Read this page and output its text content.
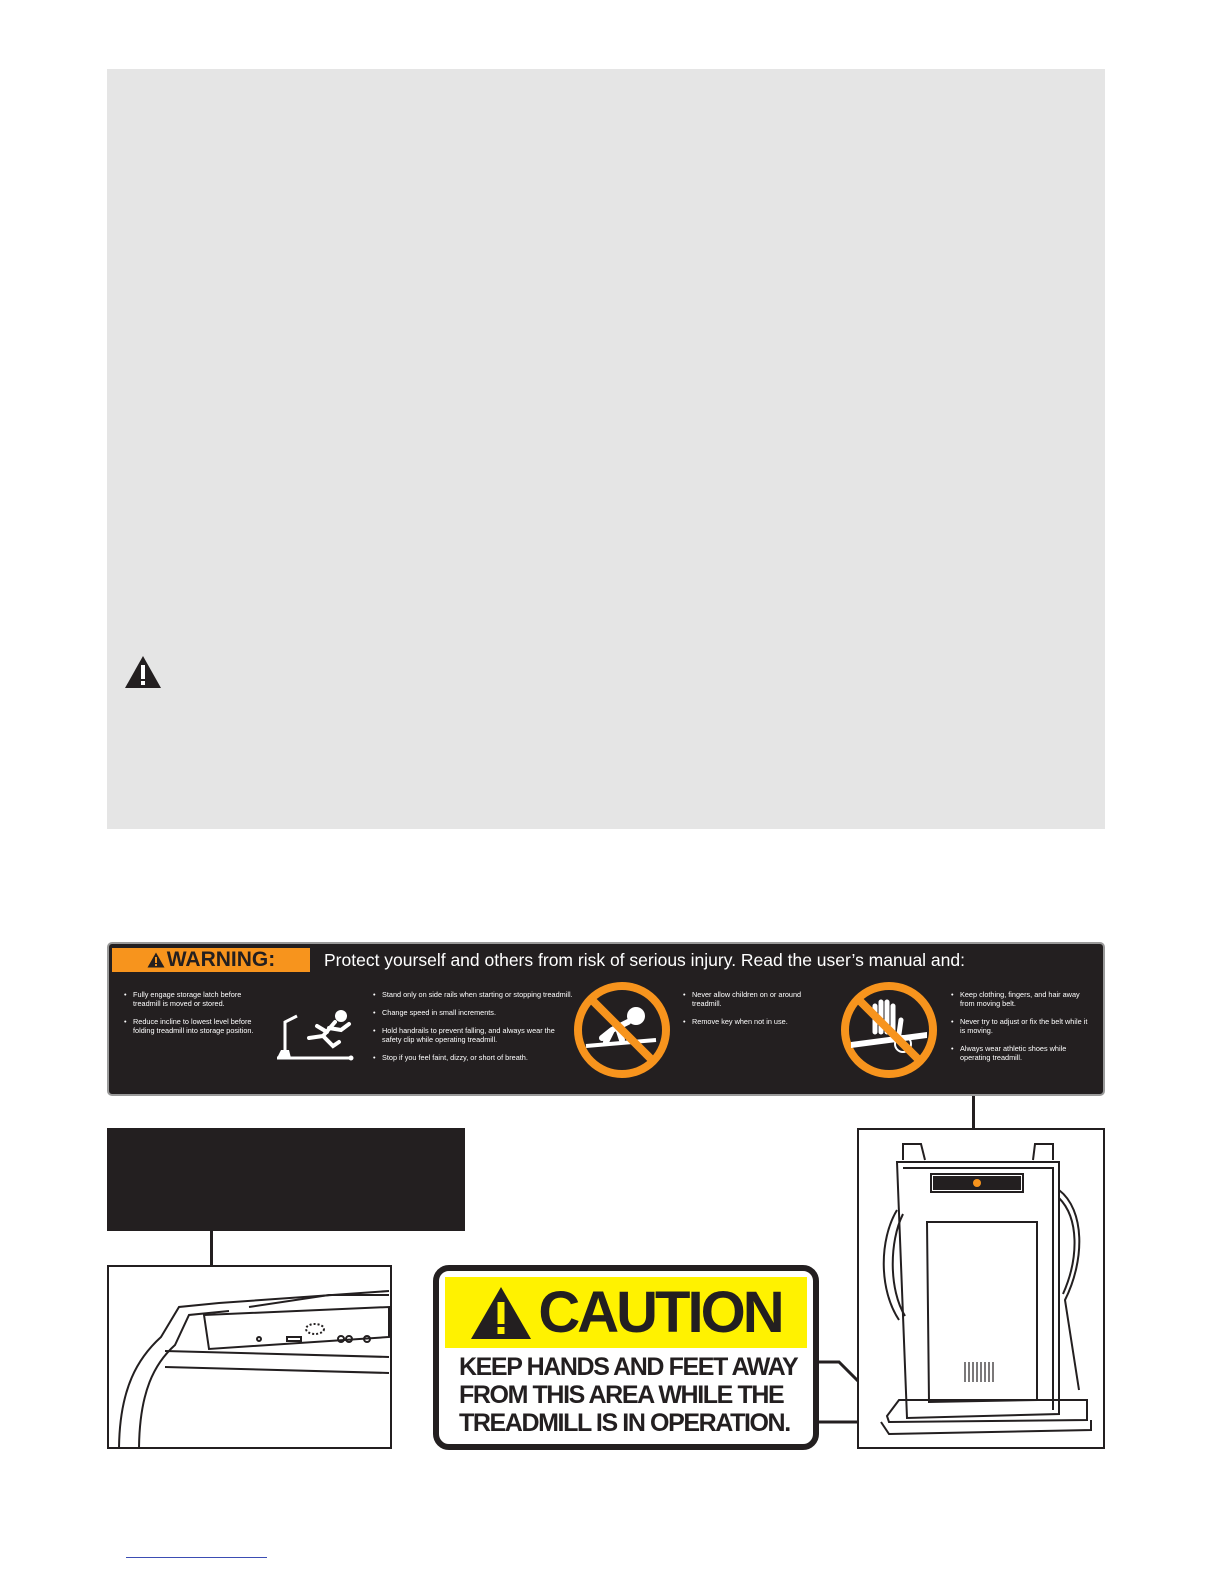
WARNING:	Protect yourself and others from risk of serious injury. Read the user’s manual and:
• Fully engage storage latch before treadmill is moved or stored.
• Reduce incline to lowest level before folding treadmill into storage position.
• Stand only on side rails when starting or stopping treadmill.
• Change speed in small increments.
• Hold handrails to prevent falling, and always wear the safety clip while operating treadmill.
• Stop if you feel faint, dizzy, or short of breath.
• Never allow children on or around treadmill.
• Remove key when not in use.
• Keep clothing, fingers, and hair away from moving belt.
• Never try to adjust or fix the belt while it is moving.
• Always wear athletic shoes while operating treadmill.
CAUTION
KEEP HANDS AND FEET AWAY
FROM THIS AREA WHILE THE
TREADMILL IS IN OPERATION.
